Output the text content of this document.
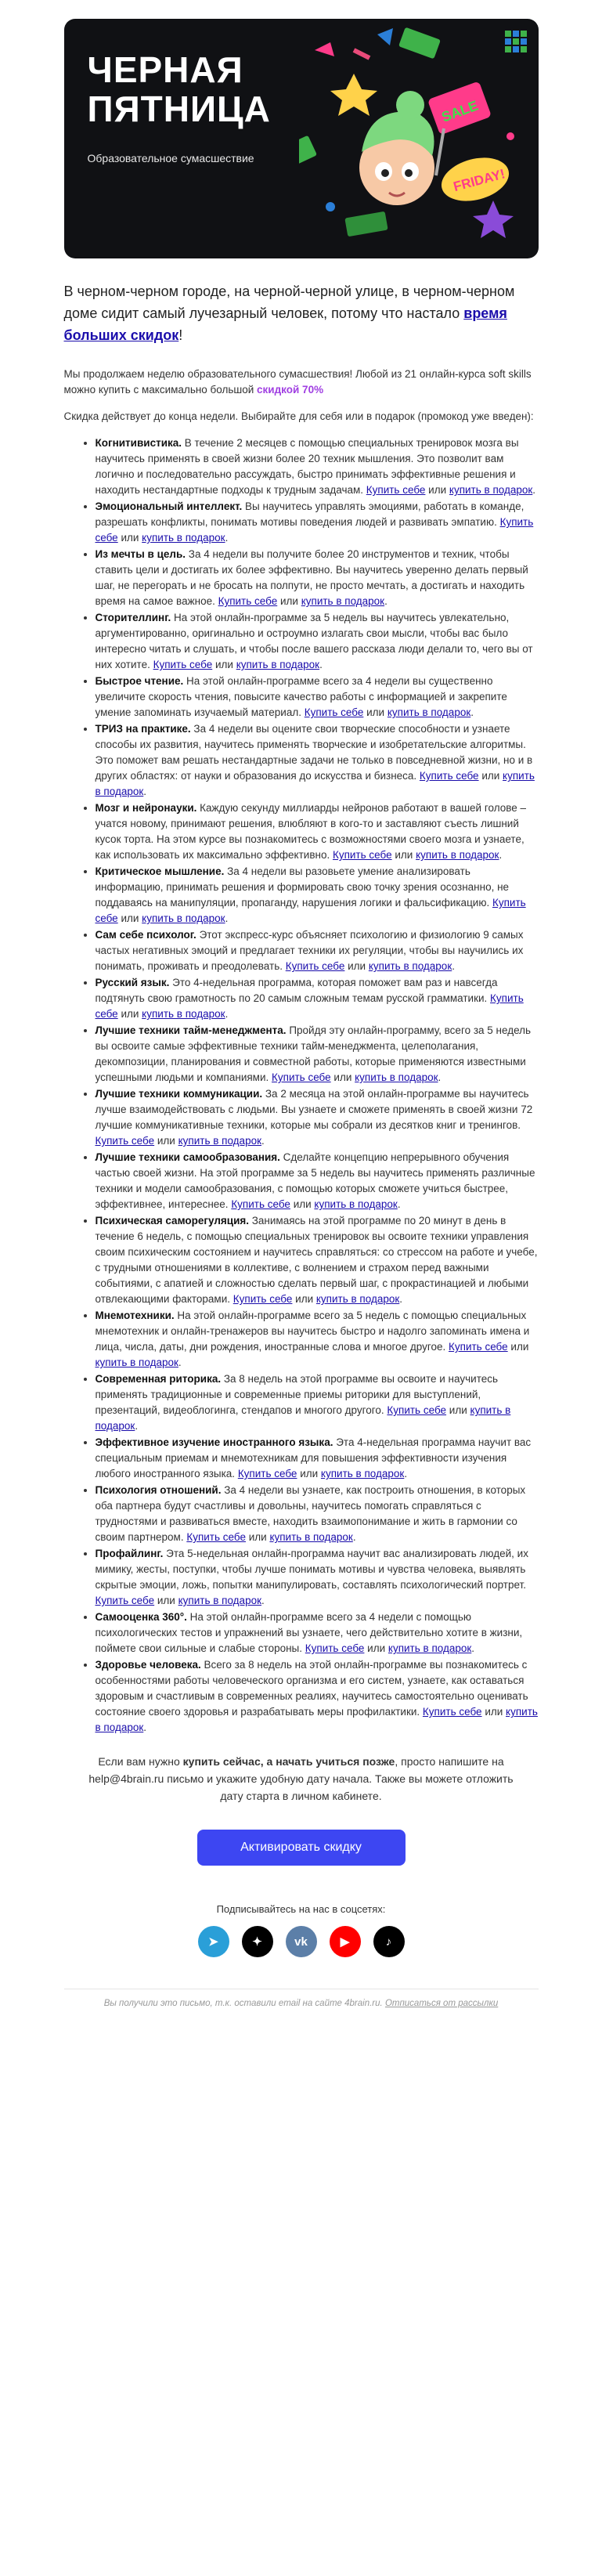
ЧЕРНАЯ
ПЯТНИЦА
Образовательное сумасшествие
SALE
FRIDAY!
В черном-черном городе, на черной-черной улице, в черном-черном доме сидит самый лучезарный человек, потому что настало время больших скидок!

Мы продолжаем неделю образовательного сумасшествия! Любой из 21 онлайн-курса soft skills можно купить с максимально большой скидкой 70%

Скидка действует до конца недели. Выбирайте для себя или в подарок (промокод уже введен):

• Когнитивистика. В течение 2 месяцев с помощью специальных тренировок мозга вы научитесь применять в своей жизни более 20 техник мышления. Это позволит вам логично и последовательно рассуждать, быстро принимать эффективные решения и находить нестандартные подходы к трудным задачам. Купить себе или купить в подарок.
• Эмоциональный интеллект. Вы научитесь управлять эмоциями, работать в команде, разрешать конфликты, понимать мотивы поведения людей и развивать эмпатию. Купить себе или купить в подарок.
• Из мечты в цель. За 4 недели вы получите более 20 инструментов и техник, чтобы ставить цели и достигать их более эффективно. Вы научитесь уверенно делать первый шаг, не перегорать и не бросать на полпути, не просто мечтать, а достигать и находить время на самое важное. Купить себе или купить в подарок.
• Сторителлинг. На этой онлайн-программе за 5 недель вы научитесь увлекательно, аргументированно, оригинально и остроумно излагать свои мысли, чтобы вас было интересно читать и слушать, и чтобы после вашего рассказа люди делали то, чего вы от них хотите. Купить себе или купить в подарок.
• Быстрое чтение. На этой онлайн-программе всего за 4 недели вы существенно увеличите скорость чтения, повысите качество работы с информацией и закрепите умение запоминать изучаемый материал. Купить себе или купить в подарок.
• ТРИЗ на практике. За 4 недели вы оцените свои творческие способности и узнаете способы их развития, научитесь применять творческие и изобретательские алгоритмы. Это поможет вам решать нестандартные задачи не только в повседневной жизни, но и в других областях: от науки и образования до искусства и бизнеса. Купить себе или купить в подарок.
• Мозг и нейронауки. Каждую секунду миллиарды нейронов работают в вашей голове – учатся новому, принимают решения, влюбляют в кого-то и заставляют съесть лишний кусок торта. На этом курсе вы познакомитесь с возможностями своего мозга и узнаете, как использовать их максимально эффективно. Купить себе или купить в подарок.
• Критическое мышление. За 4 недели вы разовьете умение анализировать информацию, принимать решения и формировать свою точку зрения осознанно, не поддаваясь на манипуляции, пропаганду, нарушения логики и фальсификацию. Купить себе или купить в подарок.
• Сам себе психолог. Этот экспресс-курс объясняет психологию и физиологию 9 самых частых негативных эмоций и предлагает техники их регуляции, чтобы вы научились их понимать, проживать и преодолевать. Купить себе или купить в подарок.
• Русский язык. Это 4-недельная программа, которая поможет вам раз и навсегда подтянуть свою грамотность по 20 самым сложным темам русской грамматики. Купить себе или купить в подарок.
• Лучшие техники тайм-менеджмента. Пройдя эту онлайн-программу, всего за 5 недель вы освоите самые эффективные техники тайм-менеджмента, целеполагания, декомпозиции, планирования и совместной работы, которые применяются известными успешными людьми и компаниями. Купить себе или купить в подарок.
• Лучшие техники коммуникации. За 2 месяца на этой онлайн-программе вы научитесь лучше взаимодействовать с людьми. Вы узнаете и сможете применять в своей жизни 72 лучшие коммуникативные техники, которые мы собрали из десятков книг и тренингов. Купить себе или купить в подарок.
• Лучшие техники самообразования. Сделайте концепцию непрерывного обучения частью своей жизни. На этой программе за 5 недель вы научитесь применять различные техники и модели самообразования, с помощью которых сможете учиться быстрее, эффективнее, интереснее. Купить себе или купить в подарок.
• Психическая саморегуляция. Занимаясь на этой программе по 20 минут в день в течение 6 недель, с помощью специальных тренировок вы освоите техники управления своим психическим состоянием и научитесь справляться: со стрессом на работе и учебе, с трудными отношениями в коллективе, с волнением и страхом перед важными событиями, с апатией и сложностью сделать первый шаг, с прокрастинацией и любыми отвлекающими факторами. Купить себе или купить в подарок.
• Мнемотехники. На этой онлайн-программе всего за 5 недель с помощью специальных мнемотехник и онлайн-тренажеров вы научитесь быстро и надолго запоминать имена и лица, числа, даты, дни рождения, иностранные слова и многое другое. Купить себе или купить в подарок.
• Современная риторика. За 8 недель на этой программе вы освоите и научитесь применять традиционные и современные приемы риторики для выступлений, презентаций, видеоблогинга, стендапов и многого другого. Купить себе или купить в подарок.
• Эффективное изучение иностранного языка. Эта 4-недельная программа научит вас специальным приемам и мнемотехникам для повышения эффективности изучения любого иностранного языка. Купить себе или купить в подарок.
• Психология отношений. За 4 недели вы узнаете, как построить отношения, в которых оба партнера будут счастливы и довольны, научитесь помогать справляться с трудностями и развиваться вместе, находить взаимопонимание и жить в гармонии со своим партнером. Купить себе или купить в подарок.
• Профайлинг. Эта 5-недельная онлайн-программа научит вас анализировать людей, их мимику, жесты, поступки, чтобы лучше понимать мотивы и чувства человека, выявлять скрытые эмоции, ложь, попытки манипулировать, составлять психологический портрет. Купить себе или купить в подарок.
• Самооценка 360°. На этой онлайн-программе всего за 4 недели с помощью психологических тестов и упражнений вы узнаете, чего действительно хотите в жизни, поймете свои сильные и слабые стороны. Купить себе или купить в подарок.
• Здоровье человека. Всего за 8 недель на этой онлайн-программе вы познакомитесь с особенностями работы человеческого организма и его систем, узнаете, как оставаться здоровым и счастливым в современных реалиях, научитесь самостоятельно оценивать состояние своего здоровья и разрабатывать меры профилактики. Купить себе или купить в подарок.
Если вам нужно купить сейчас, а начать учиться позже, просто напишите на help@4brain.ru письмо и укажите удобную дату начала. Также вы можете отложить дату старта в личном кабинете.
Активировать скидку
Подписывайтесь на нас в соцсетях:
➤	✦	vk	▶	♪
Вы получили это письмо, т.к. оставили email на сайте 4brain.ru. Отписаться от рассылки
